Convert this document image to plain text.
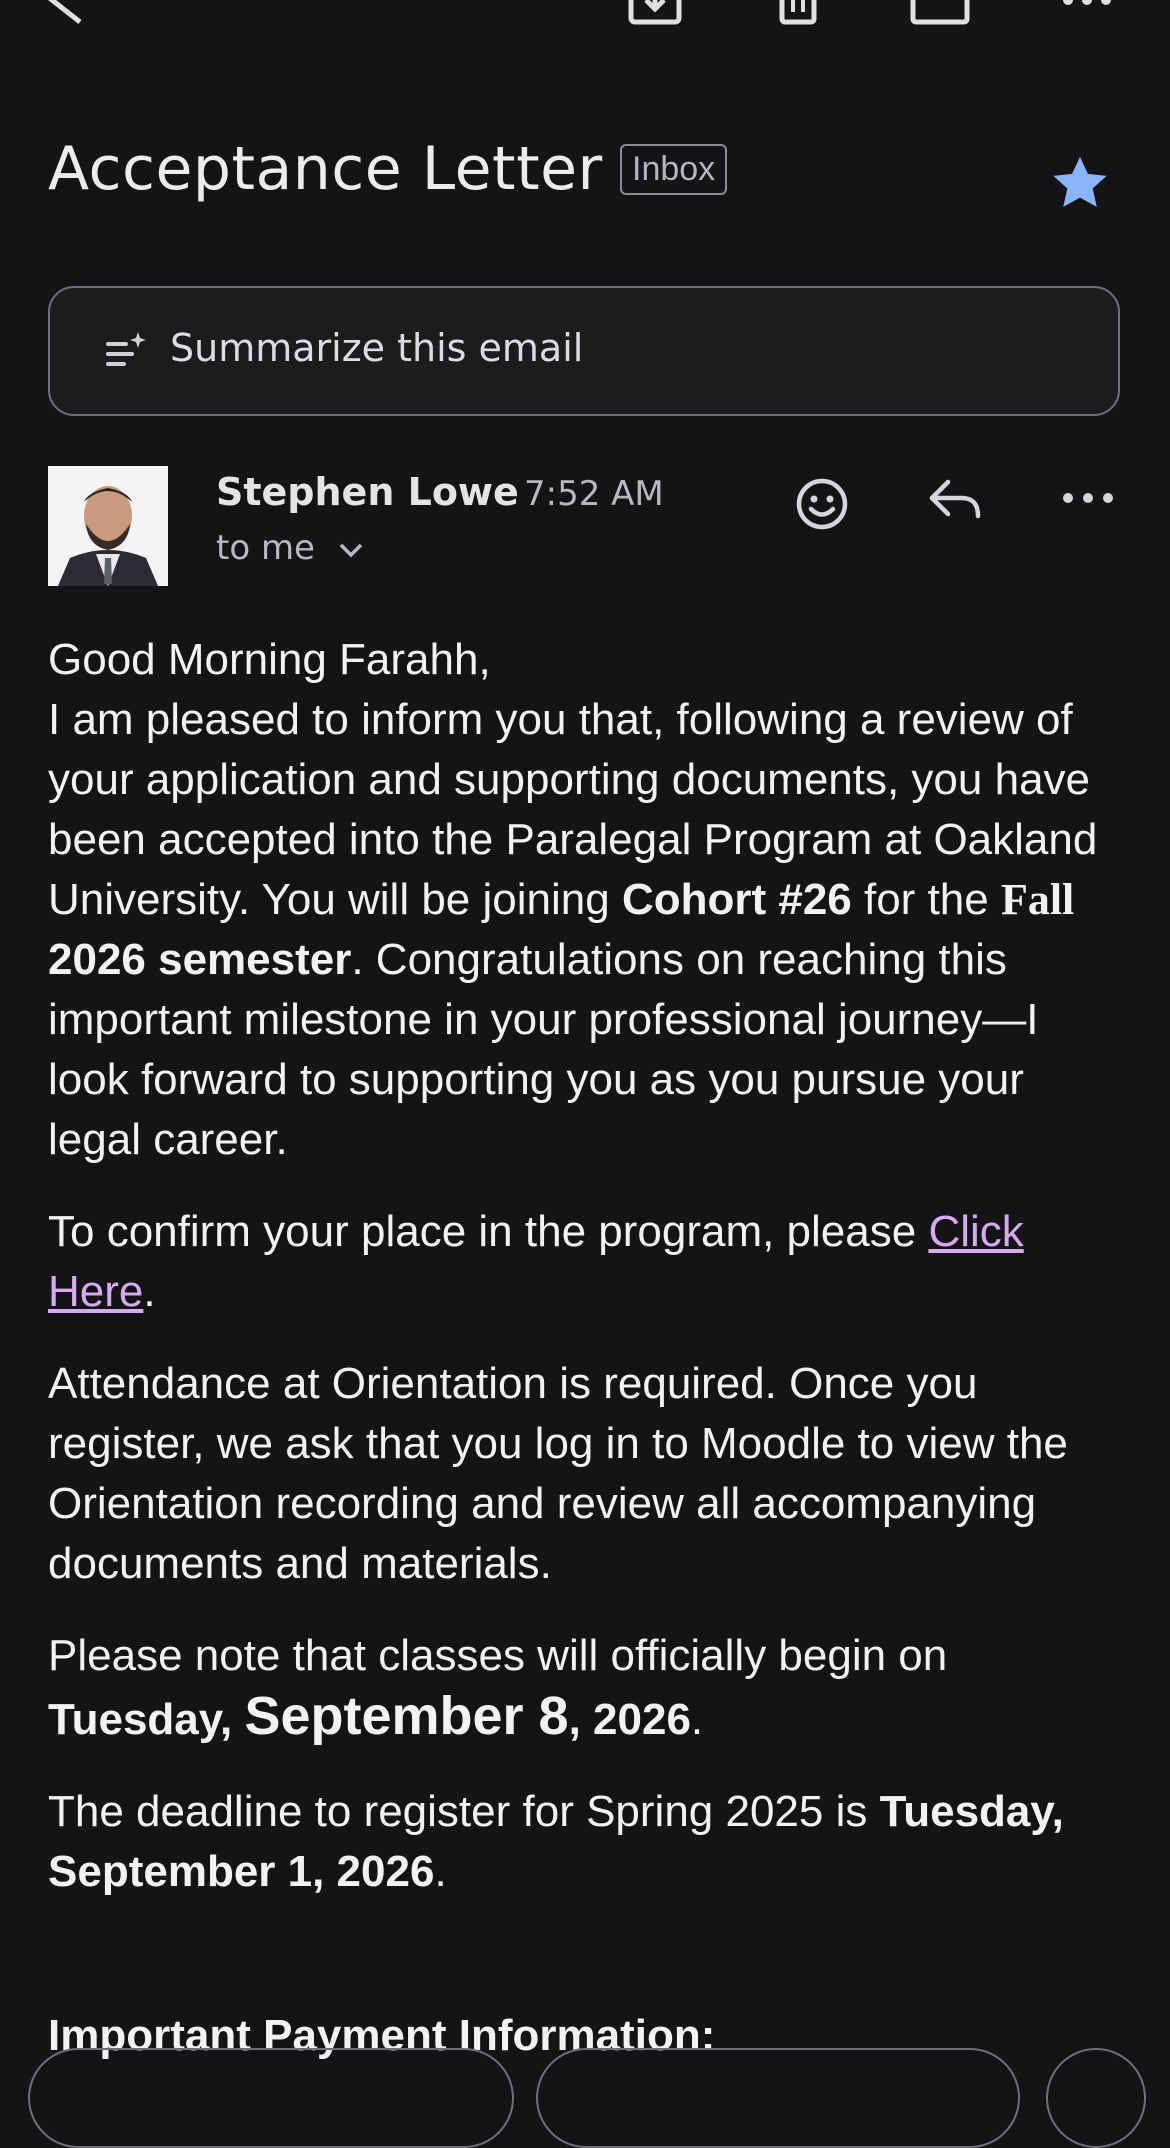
Acceptance Letter Inbox
Summarize this email
Stephen Lowe 7:52 AM
to me
Good Morning Farahh,

I am pleased to inform you that, following a review of your application and supporting documents, you have been accepted into the Paralegal Program at Oakland University. You will be joining Cohort #26 for the Fall 2026 semester. Congratulations on reaching this important milestone in your professional journey—I look forward to supporting you as you pursue your legal career.

To confirm your place in the program, please Click Here.

Attendance at Orientation is required. Once you register, we ask that you log in to Moodle to view the Orientation recording and review all accompanying documents and materials.

Please note that classes will officially begin on Tuesday, September 8, 2026.

The deadline to register for Spring 2025 is Tuesday, September 1, 2026.

Important Payment Information:
